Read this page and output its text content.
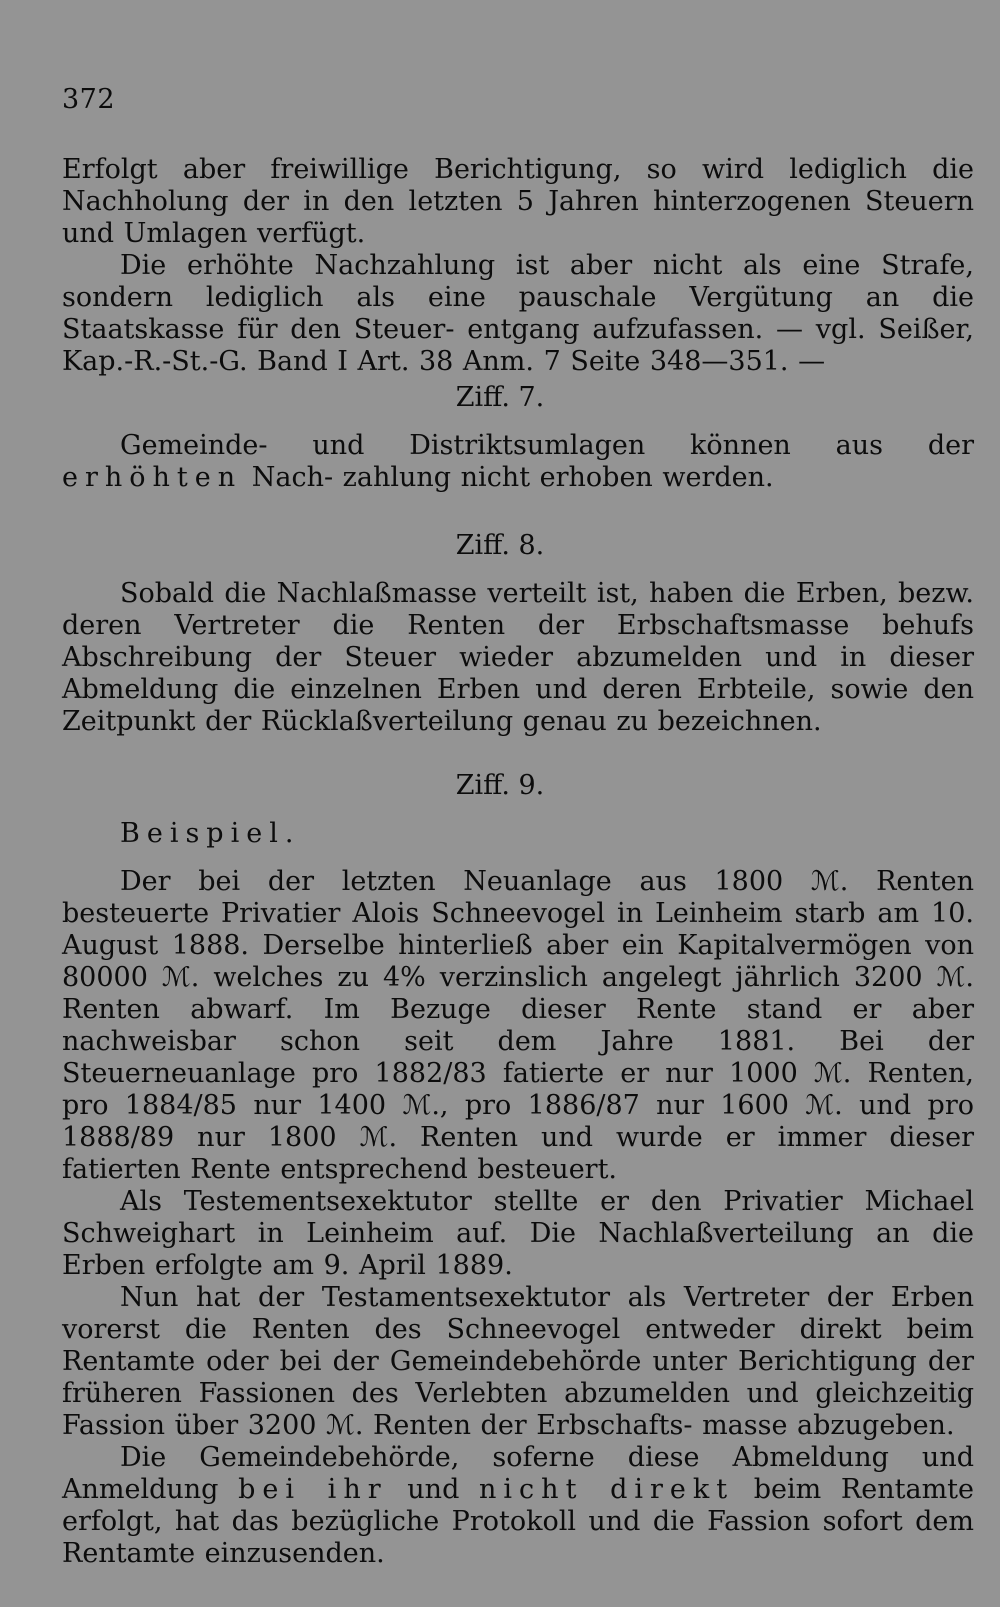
372

Erfolgt aber freiwillige Berichtigung, so wird lediglich die Nachholung der in den letzten 5 Jahren hinterzogenen Steuern und Umlagen verfügt.

Die erhöhte Nachzahlung ist aber nicht als eine Strafe, sondern lediglich als eine pauschale Vergütung an die Staatskasse für den Steuer- entgang aufzufassen. — vgl. Seißer, Kap.-R.-St.-G. Band I Art. 38 Anm. 7 Seite 348—351. —

Ziff. 7.

Gemeinde- und Distriktsumlagen können aus der erhöhten Nach- zahlung nicht erhoben werden.

Ziff. 8.

Sobald die Nachlaßmasse verteilt ist, haben die Erben, bezw. deren Vertreter die Renten der Erbschaftsmasse behufs Abschreibung der Steuer wieder abzumelden und in dieser Abmeldung die einzelnen Erben und deren Erbteile, sowie den Zeitpunkt der Rücklaßverteilung genau zu bezeichnen.

Ziff. 9.
Beispiel.

Der bei der letzten Neuanlage aus 1800 ℳ. Renten besteuerte Privatier Alois Schneevogel in Leinheim starb am 10. August 1888. Derselbe hinterließ aber ein Kapitalvermögen von 80000 ℳ. welches zu 4% verzinslich angelegt jährlich 3200 ℳ. Renten abwarf. Im Bezuge dieser Rente stand er aber nachweisbar schon seit dem Jahre 1881. Bei der Steuerneuanlage pro 1882/83 fatierte er nur 1000 ℳ. Renten, pro 1884/85 nur 1400 ℳ., pro 1886/87 nur 1600 ℳ. und pro 1888/89 nur 1800 ℳ. Renten und wurde er immer dieser fatierten Rente entsprechend besteuert.

Als Testementsexektutor stellte er den Privatier Michael Schweighart in Leinheim auf. Die Nachlaßverteilung an die Erben erfolgte am 9. April 1889.

Nun hat der Testamentsexektutor als Vertreter der Erben vorerst die Renten des Schneevogel entweder direkt beim Rentamte oder bei der Gemeindebehörde unter Berichtigung der früheren Fassionen des Verlebten abzumelden und gleichzeitig Fassion über 3200 ℳ. Renten der Erbschafts- masse abzugeben.

Die Gemeindebehörde, soferne diese Abmeldung und Anmeldung bei ihr und nicht direkt beim Rentamte erfolgt, hat das bezügliche Protokoll und die Fassion sofort dem Rentamte einzusenden.
